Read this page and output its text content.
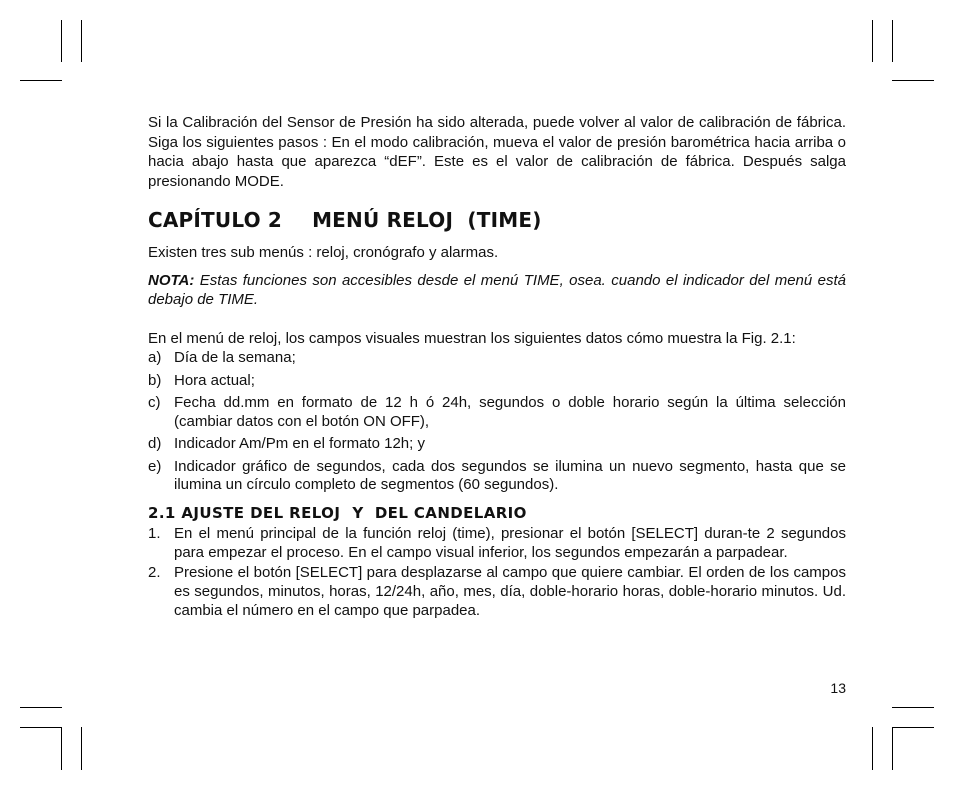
Si la Calibración del Sensor de Presión ha sido alterada, puede volver al valor de calibración de fábrica. Siga los siguientes pasos : En el modo calibración, mueva el valor de presión barométrica hacia arriba o hacia abajo hasta que aparezca “dEF”. Este es el valor de calibración de fábrica. Después salga presionando MODE.

CAPÍTULO 2 MENÚ RELOJ  (TIME)

Existen tres sub menús : reloj, cronógrafo y alarmas.

NOTA: Estas funciones son accesibles desde el menú TIME, osea. cuando el indicador del menú está debajo de TIME.

En el menú de reloj, los campos visuales muestran los siguientes datos cómo muestra la Fig. 2.1:

a) Día de la semana;
b) Hora actual;
c) Fecha dd.mm en formato de 12 h ó 24h, segundos o doble horario según la última selección (cambiar datos con el botón ON OFF),
d) Indicador Am/Pm en el formato 12h; y
e) Indicador gráfico de segundos, cada dos segundos se ilumina un nuevo segmento, hasta que se ilumina un círculo completo de segmentos (60 segundos).
2.1 AJUSTE DEL RELOJ Y  DEL CANDELARIO
1. En el menú principal de la función reloj (time), presionar el botón [SELECT] duran-te 2 segundos para empezar el proceso. En el campo visual inferior, los segundos empezarán a parpadear.
2. Presione el botón [SELECT] para desplazarse al campo que quiere cambiar. El orden de los campos es segundos, minutos, horas, 12/24h, año, mes, día, doble-horario horas, doble-horario minutos. Ud. cambia el número en el campo que parpadea.
13
